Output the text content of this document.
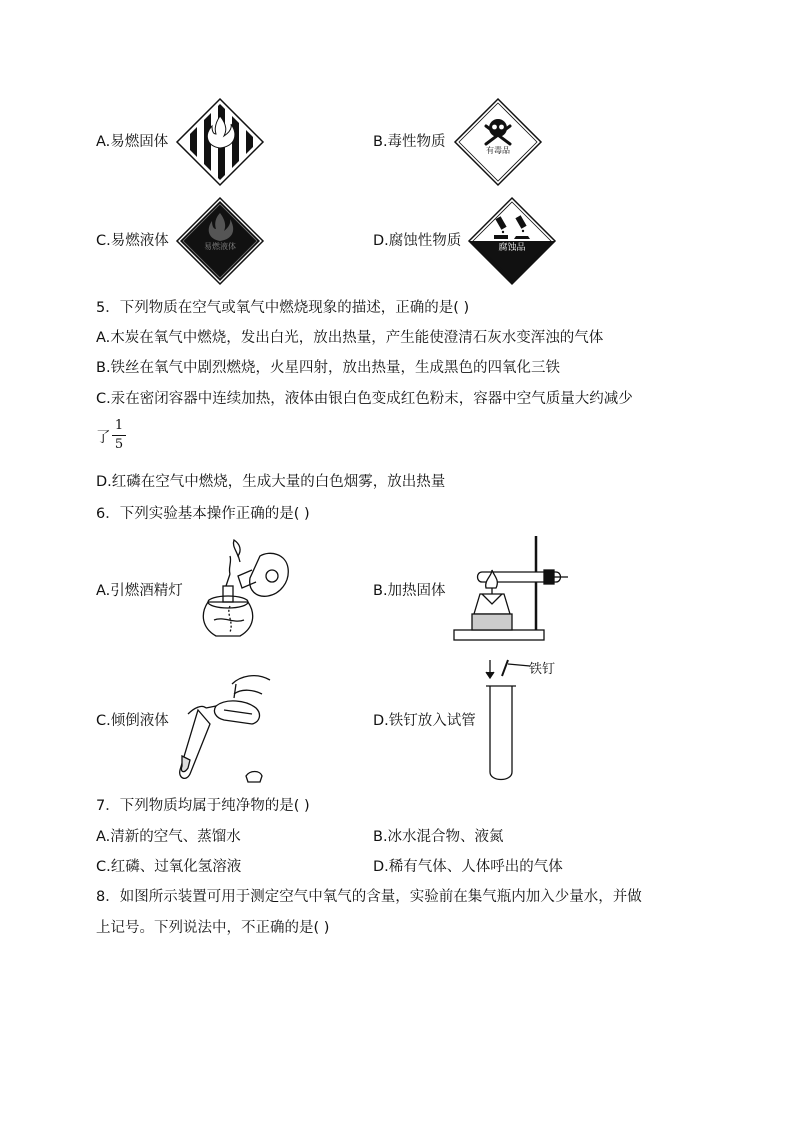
A.易燃固体	B.毒性物质
有毒品
C.易燃液体	易燃液体	D.腐蚀性物质	腐蚀品
5．下列物质在空气或氧气中燃烧现象的描述，正确的是( )
A.木炭在氧气中燃烧，发出白光，放出热量，产生能使澄清石灰水变浑浊的气体
B.铁丝在氧气中剧烈燃烧，火星四射，放出热量，生成黑色的四氧化三铁
C.汞在密闭容器中连续加热，液体由银白色变成红色粉末，容器中空气质量大约减少
了
1
5
D.红磷在空气中燃烧，生成大量的白色烟雾，放出热量
6．下列实验基本操作正确的是( )
A.引燃酒精灯	B.加热固体
铁钉
C.倾倒液体	D.铁钉放入试管
7．下列物质均属于纯净物的是( )
A.清新的空气、蒸馏水	B.冰水混合物、液氮
C.红磷、过氧化氢溶液	D.稀有气体、人体呼出的气体
8．如图所示装置可用于测定空气中氧气的含量，实验前在集气瓶内加入少量水，并做
上记号。下列说法中，不正确的是( )
